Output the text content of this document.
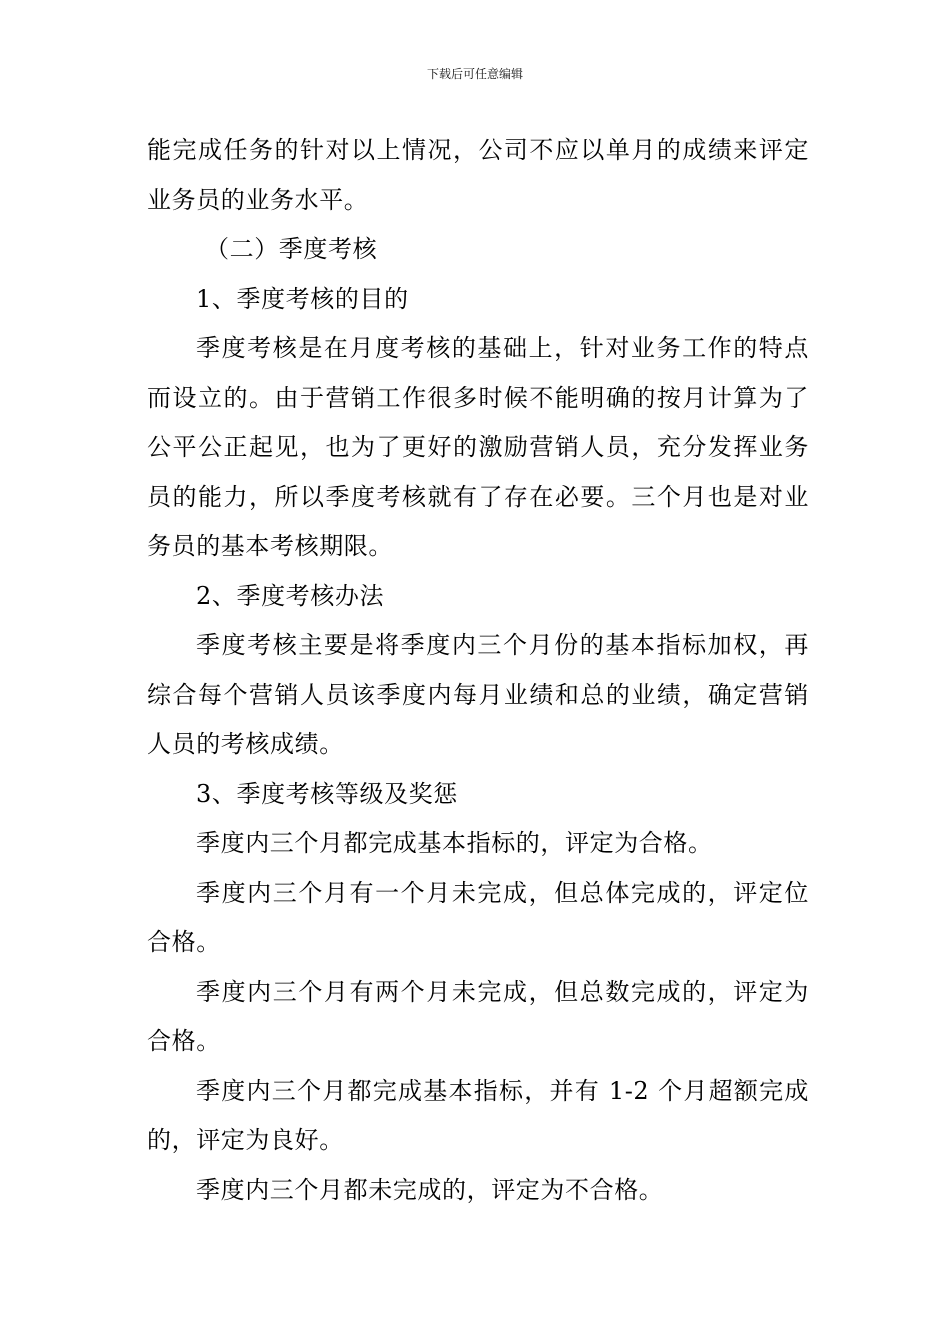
下载后可任意编辑

能完成任务的针对以上情况，公司不应以单月的成绩来评定业务员的业务水平。

（二）季度考核

1、季度考核的目的

季度考核是在月度考核的基础上，针对业务工作的特点而设立的。由于营销工作很多时候不能明确的按月计算为了公平公正起见，也为了更好的激励营销人员，充分发挥业务员的能力，所以季度考核就有了存在必要。三个月也是对业务员的基本考核期限。

2、季度考核办法

季度考核主要是将季度内三个月份的基本指标加权，再综合每个营销人员该季度内每月业绩和总的业绩，确定营销人员的考核成绩。

3、季度考核等级及奖惩

季度内三个月都完成基本指标的，评定为合格。

季度内三个月有一个月未完成，但总体完成的，评定位合格。

季度内三个月有两个月未完成，但总数完成的，评定为合格。

季度内三个月都完成基本指标，并有 1-2 个月超额完成的，评定为良好。

季度内三个月都未完成的，评定为不合格。
